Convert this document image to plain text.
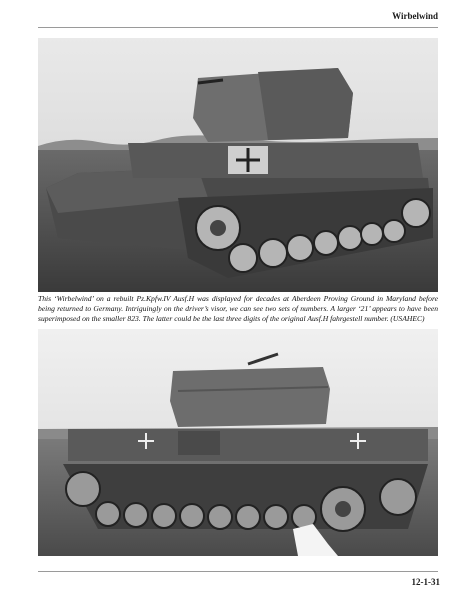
Wirbelwind
This ‘Wirbelwind’ on a rebuilt Pz.Kpfw.IV Ausf.H was displayed for decades at Aberdeen Proving Ground in Maryland before being returned to Germany. Intriguingly on the driver’s visor, we can see two sets of numbers. A larger ‘21’ appears to have been superimposed on the smaller 823. The latter could be the last three digits of the original Ausf.H fahrgestell number. (USAHEC)
12-1-31
